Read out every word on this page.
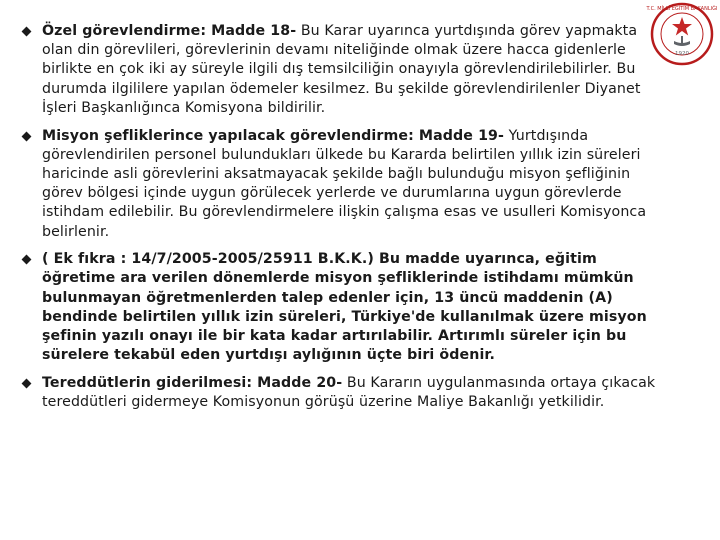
T.C. MİLLİ EĞİTİM BAKANLIĞI
1920

Özel görevlendirme: Madde 18- Bu Karar uyarınca yurtdışında görev yapmakta olan din görevlileri, görevlerinin devamı niteliğinde olmak üzere hacca gidenlerle birlikte en çok iki ay süreyle ilgili dış temsilciliğin onayıyla görevlendirilebilirler. Bu durumda ilgililere yapılan ödemeler kesilmez. Bu şekilde görevlendirilenler Diyanet İşleri Başkanlığınca Komisyona bildirilir.

Misyon şefliklerince yapılacak görevlendirme: Madde 19- Yurtdışında görevlendirilen personel bulundukları ülkede bu Kararda belirtilen yıllık izin süreleri haricinde asli görevlerini aksatmayacak şekilde bağlı bulunduğu misyon şefliğinin görev bölgesi içinde uygun görülecek yerlerde ve durumlarına uygun görevlerde istihdam edilebilir. Bu görevlendirmelere ilişkin çalışma esas ve usulleri Komisyonca belirlenir.

( Ek fıkra : 14/7/2005-2005/25911 B.K.K.) Bu madde uyarınca, eğitim öğretime ara verilen dönemlerde misyon şefliklerinde istihdamı mümkün bulunmayan öğretmenlerden talep edenler için, 13 üncü maddenin (A) bendinde belirtilen yıllık izin süreleri, Türkiye'de kullanılmak üzere misyon şefinin yazılı onayı ile bir kata kadar artırılabilir. Artırımlı süreler için bu sürelere tekabül eden yurtdışı aylığının üçte biri ödenir.

Tereddütlerin giderilmesi: Madde 20- Bu Kararın uygulanmasında ortaya çıkacak tereddütleri gidermeye Komisyonun görüşü üzerine Maliye Bakanlığı yetkilidir.
